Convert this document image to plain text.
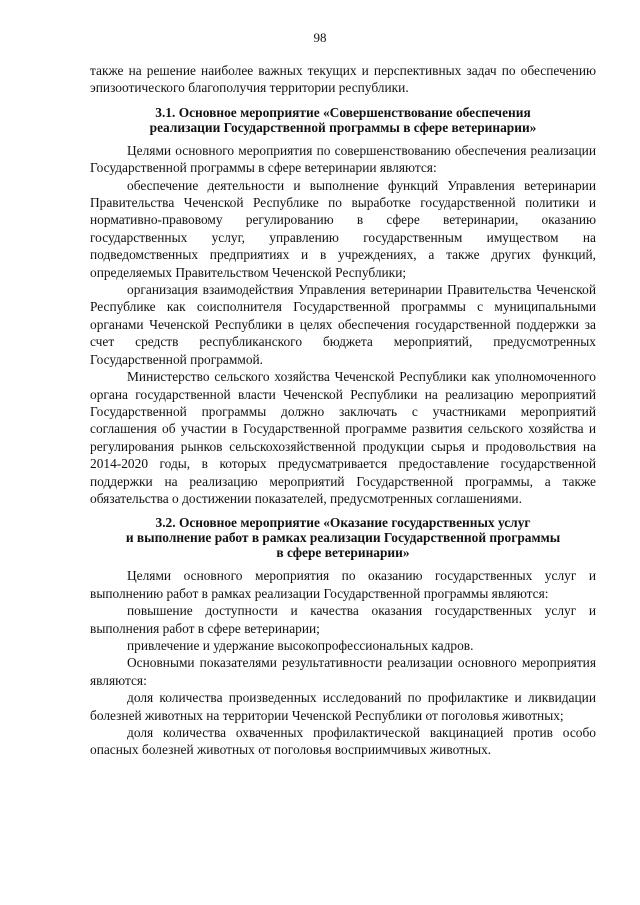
98

также на решение наиболее важных текущих и перспективных задач по обеспечению эпизоотического благополучия территории республики.

3.1. Основное мероприятие «Совершенствование обеспечения
реализации Государственной программы в сфере ветеринарии»

Целями основного мероприятия по совершенствованию обеспечения реализации Государственной программы в сфере ветеринарии являются:

обеспечение деятельности и выполнение функций Управления ветеринарии Правительства Чеченской Республике по выработке государственной политики и нормативно-правовому регулированию в сфере ветеринарии, оказанию государственных услуг, управлению государственным имуществом на подведомственных предприятиях и в учреждениях, а также других функций, определяемых Правительством Чеченской Республики;

организация взаимодействия Управления ветеринарии Правительства Чеченской Республике как соисполнителя Государственной программы с муниципальными органами Чеченской Республики в целях обеспечения государственной поддержки за счет средств республиканского бюджета мероприятий, предусмотренных Государственной программой.

Министерство сельского хозяйства Чеченской Республики как уполномоченного органа государственной власти Чеченской Республики на реализацию мероприятий Государственной программы должно заключать с участниками мероприятий соглашения об участии в Государственной программе развития сельского хозяйства и регулирования рынков сельскохозяйственной продукции сырья и продовольствия на 2014-2020 годы, в которых предусматривается предоставление государственной поддержки на реализацию мероприятий Государственной программы, а также обязательства о достижении показателей, предусмотренных соглашениями.

3.2. Основное мероприятие «Оказание государственных услуг
и выполнение работ в рамках реализации Государственной программы
в сфере ветеринарии»

Целями основного мероприятия по оказанию государственных услуг и выполнению работ в рамках реализации Государственной программы являются:

повышение доступности и качества оказания государственных услуг и выполнения работ в сфере ветеринарии;

привлечение и удержание высокопрофессиональных кадров.

Основными показателями результативности реализации основного мероприятия являются:

доля количества произведенных исследований по профилактике и ликвидации болезней животных на территории Чеченской Республики от поголовья животных;

доля количества охваченных профилактической вакцинацией против особо опасных болезней животных от поголовья восприимчивых животных.
